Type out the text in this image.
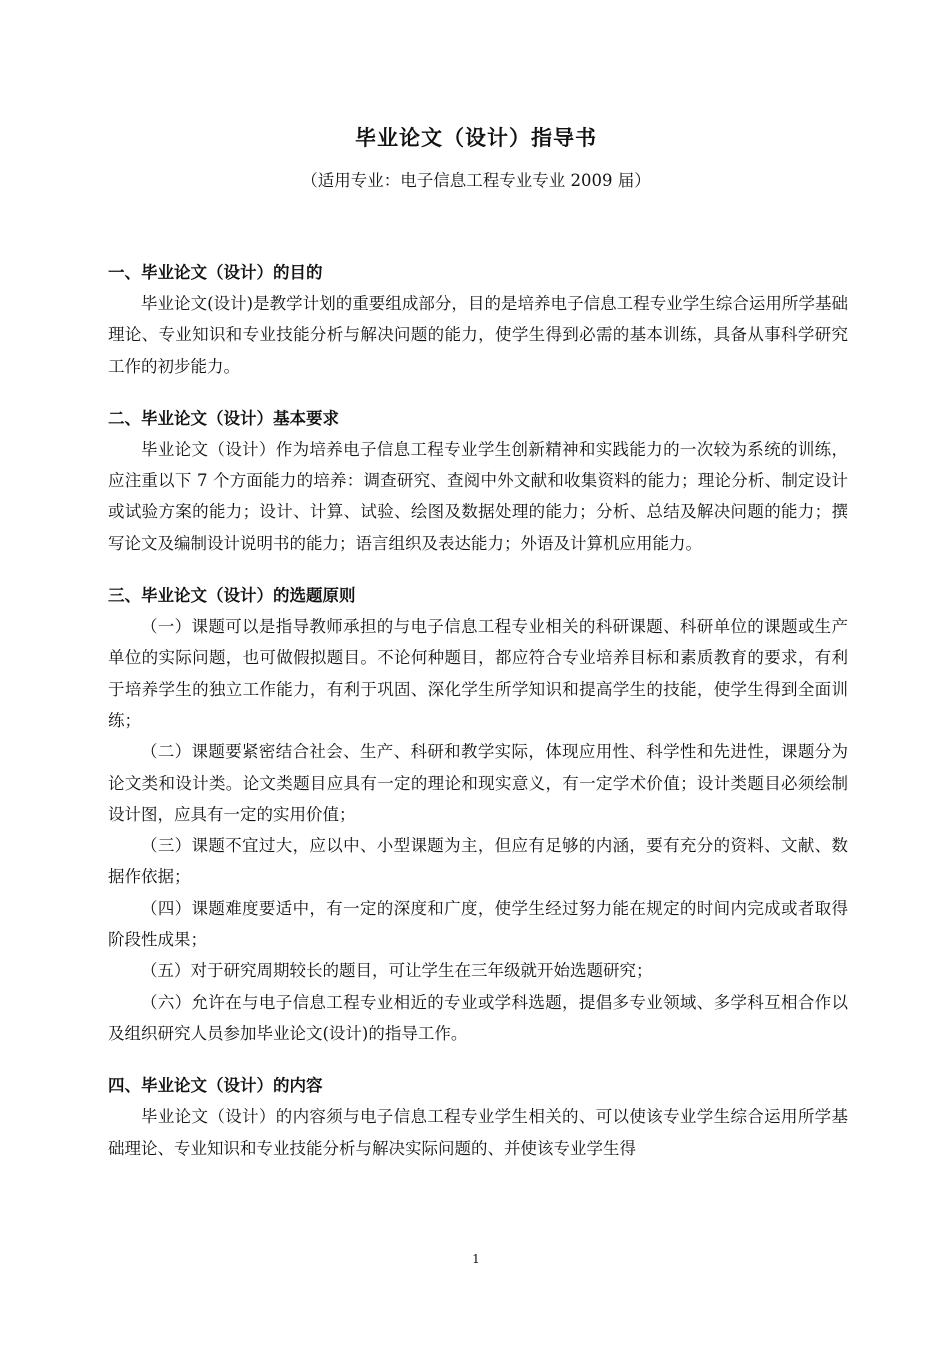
毕业论文（设计）指导书
（适用专业：电子信息工程专业专业 2009 届）
一、毕业论文（设计）的目的

毕业论文(设计)是教学计划的重要组成部分，目的是培养电子信息工程专业学生综合运用所学基础理论、专业知识和专业技能分析与解决问题的能力，使学生得到必需的基本训练，具备从事科学研究工作的初步能力。

二、毕业论文（设计）基本要求

毕业论文（设计）作为培养电子信息工程专业学生创新精神和实践能力的一次较为系统的训练，应注重以下 7 个方面能力的培养：调查研究、查阅中外文献和收集资料的能力；理论分析、制定设计或试验方案的能力；设计、计算、试验、绘图及数据处理的能力；分析、总结及解决问题的能力；撰写论文及编制设计说明书的能力；语言组织及表达能力；外语及计算机应用能力。

三、毕业论文（设计）的选题原则

（一）课题可以是指导教师承担的与电子信息工程专业相关的科研课题、科研单位的课题或生产单位的实际问题，也可做假拟题目。不论何种题目，都应符合专业培养目标和素质教育的要求，有利于培养学生的独立工作能力，有利于巩固、深化学生所学知识和提高学生的技能，使学生得到全面训练；

（二）课题要紧密结合社会、生产、科研和教学实际，体现应用性、科学性和先进性，课题分为论文类和设计类。论文类题目应具有一定的理论和现实意义，有一定学术价值；设计类题目必须绘制设计图，应具有一定的实用价值；

（三）课题不宜过大，应以中、小型课题为主，但应有足够的内涵，要有充分的资料、文献、数据作依据；

（四）课题难度要适中，有一定的深度和广度，使学生经过努力能在规定的时间内完成或者取得阶段性成果；

（五）对于研究周期较长的题目，可让学生在三年级就开始选题研究；

（六）允许在与电子信息工程专业相近的专业或学科选题，提倡多专业领域、多学科互相合作以及组织研究人员参加毕业论文(设计)的指导工作。

四、毕业论文（设计）的内容

毕业论文（设计）的内容须与电子信息工程专业学生相关的、可以使该专业学生综合运用所学基础理论、专业知识和专业技能分析与解决实际问题的、并使该专业学生得

1
